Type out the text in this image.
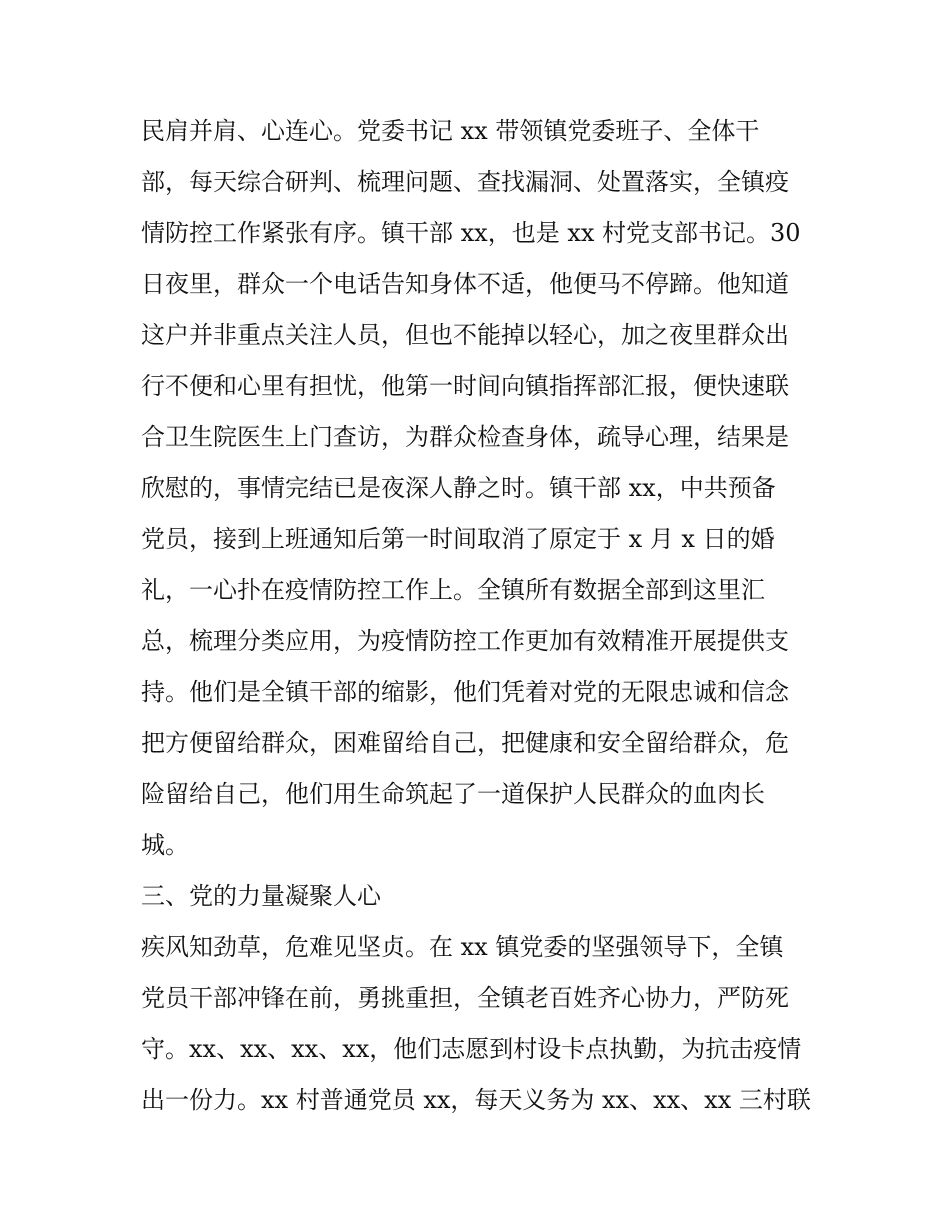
民肩并肩、心连心。党委书记 xx 带领镇党委班子、全体干
部，每天综合研判、梳理问题、查找漏洞、处置落实，全镇疫
情防控工作紧张有序。镇干部 xx，也是 xx 村党支部书记。30
日夜里，群众一个电话告知身体不适，他便马不停蹄。他知道
这户并非重点关注人员，但也不能掉以轻心，加之夜里群众出
行不便和心里有担忧，他第一时间向镇指挥部汇报，便快速联
合卫生院医生上门查访，为群众检查身体，疏导心理，结果是
欣慰的，事情完结已是夜深人静之时。镇干部 xx，中共预备
党员，接到上班通知后第一时间取消了原定于 x 月 x 日的婚
礼，一心扑在疫情防控工作上。全镇所有数据全部到这里汇
总，梳理分类应用，为疫情防控工作更加有效精准开展提供支
持。他们是全镇干部的缩影，他们凭着对党的无限忠诚和信念
把方便留给群众，困难留给自己，把健康和安全留给群众，危
险留给自己，他们用生命筑起了一道保护人民群众的血肉长
城。
三、党的力量凝聚人心
疾风知劲草，危难见坚贞。在 xx 镇党委的坚强领导下，全镇
党员干部冲锋在前，勇挑重担，全镇老百姓齐心协力，严防死
守。xx、xx、xx、xx，他们志愿到村设卡点执勤，为抗击疫情
出一份力。xx 村普通党员 xx，每天义务为 xx、xx、xx 三村联
